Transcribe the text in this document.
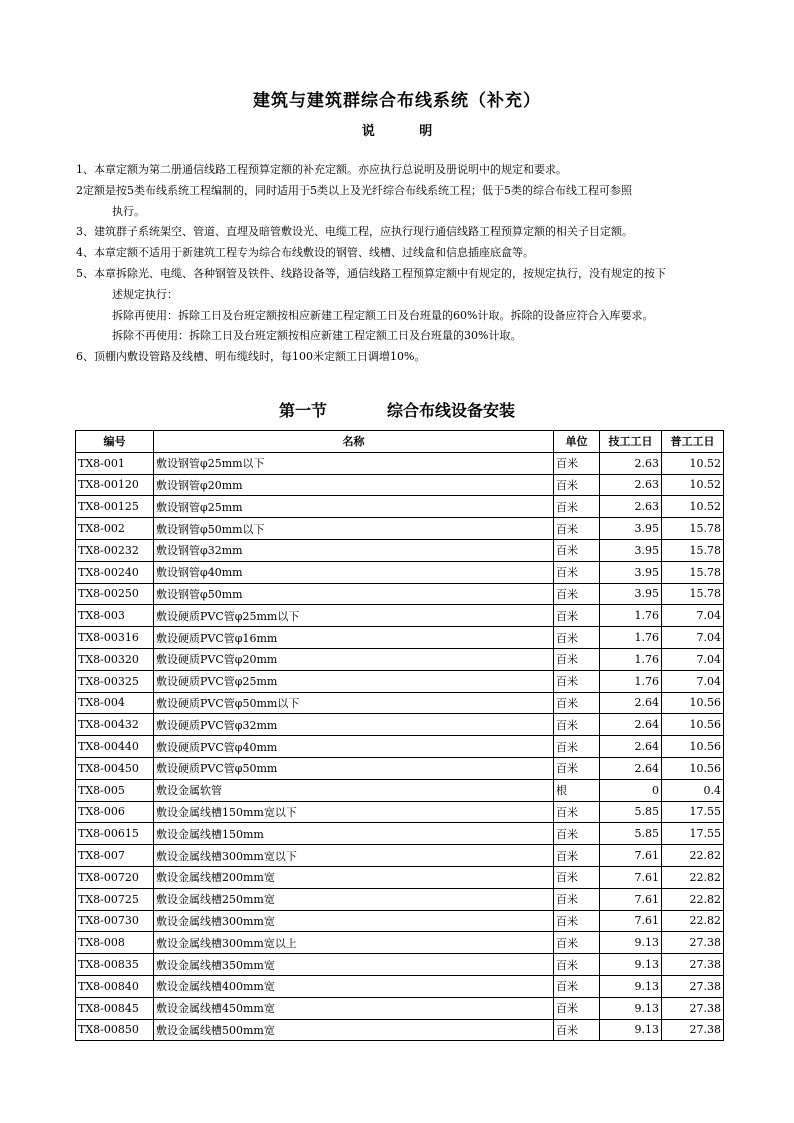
建筑与建筑群综合布线系统（补充）
说 明
1、本章定额为第二册通信线路工程预算定额的补充定额。亦应执行总说明及册说明中的规定和要求。
2定额是按5类布线系统工程编制的，同时适用于5类以上及光纤综合布线系统工程；低于5类的综合布线工程可参照
执行。
3、建筑群子系统架空、管道、直埋及暗管敷设光、电缆工程，应执行现行通信线路工程预算定额的相关子目定额。
4、本章定额不适用于新建筑工程专为综合布线敷设的钢管、线槽、过线盒和信息插座底盒等。
5、本章拆除光、电缆、各种钢管及铁件、线路设备等，通信线路工程预算定额中有规定的，按规定执行，没有规定的按下
述规定执行：
拆除再使用：拆除工日及台班定额按相应新建工程定额工日及台班量的60%计取。拆除的设备应符合入库要求。
拆除不再使用：拆除工日及台班定额按相应新建工程定额工日及台班量的30%计取。
6、顶棚内敷设管路及线槽、明布缆线时，每100米定额工日调增10%。
第一节	综合布线设备安装
编号	名称	单位	技工工日	普工工日
TX8-001	敷设钢管φ25mm以下	百米	2.63	10.52
TX8-00120	敷设钢管φ20mm	百米	2.63	10.52
TX8-00125	敷设钢管φ25mm	百米	2.63	10.52
TX8-002	敷设钢管φ50mm以下	百米	3.95	15.78
TX8-00232	敷设钢管φ32mm	百米	3.95	15.78
TX8-00240	敷设钢管φ40mm	百米	3.95	15.78
TX8-00250	敷设钢管φ50mm	百米	3.95	15.78
TX8-003	敷设硬质PVC管φ25mm以下	百米	1.76	7.04
TX8-00316	敷设硬质PVC管φ16mm	百米	1.76	7.04
TX8-00320	敷设硬质PVC管φ20mm	百米	1.76	7.04
TX8-00325	敷设硬质PVC管φ25mm	百米	1.76	7.04
TX8-004	敷设硬质PVC管φ50mm以下	百米	2.64	10.56
TX8-00432	敷设硬质PVC管φ32mm	百米	2.64	10.56
TX8-00440	敷设硬质PVC管φ40mm	百米	2.64	10.56
TX8-00450	敷设硬质PVC管φ50mm	百米	2.64	10.56
TX8-005	敷设金属软管	根	0	0.4
TX8-006	敷设金属线槽150mm宽以下	百米	5.85	17.55
TX8-00615	敷设金属线槽150mm	百米	5.85	17.55
TX8-007	敷设金属线槽300mm宽以下	百米	7.61	22.82
TX8-00720	敷设金属线槽200mm宽	百米	7.61	22.82
TX8-00725	敷设金属线槽250mm宽	百米	7.61	22.82
TX8-00730	敷设金属线槽300mm宽	百米	7.61	22.82
TX8-008	敷设金属线槽300mm宽以上	百米	9.13	27.38
TX8-00835	敷设金属线槽350mm宽	百米	9.13	27.38
TX8-00840	敷设金属线槽400mm宽	百米	9.13	27.38
TX8-00845	敷设金属线槽450mm宽	百米	9.13	27.38
TX8-00850	敷设金属线槽500mm宽	百米	9.13	27.38
